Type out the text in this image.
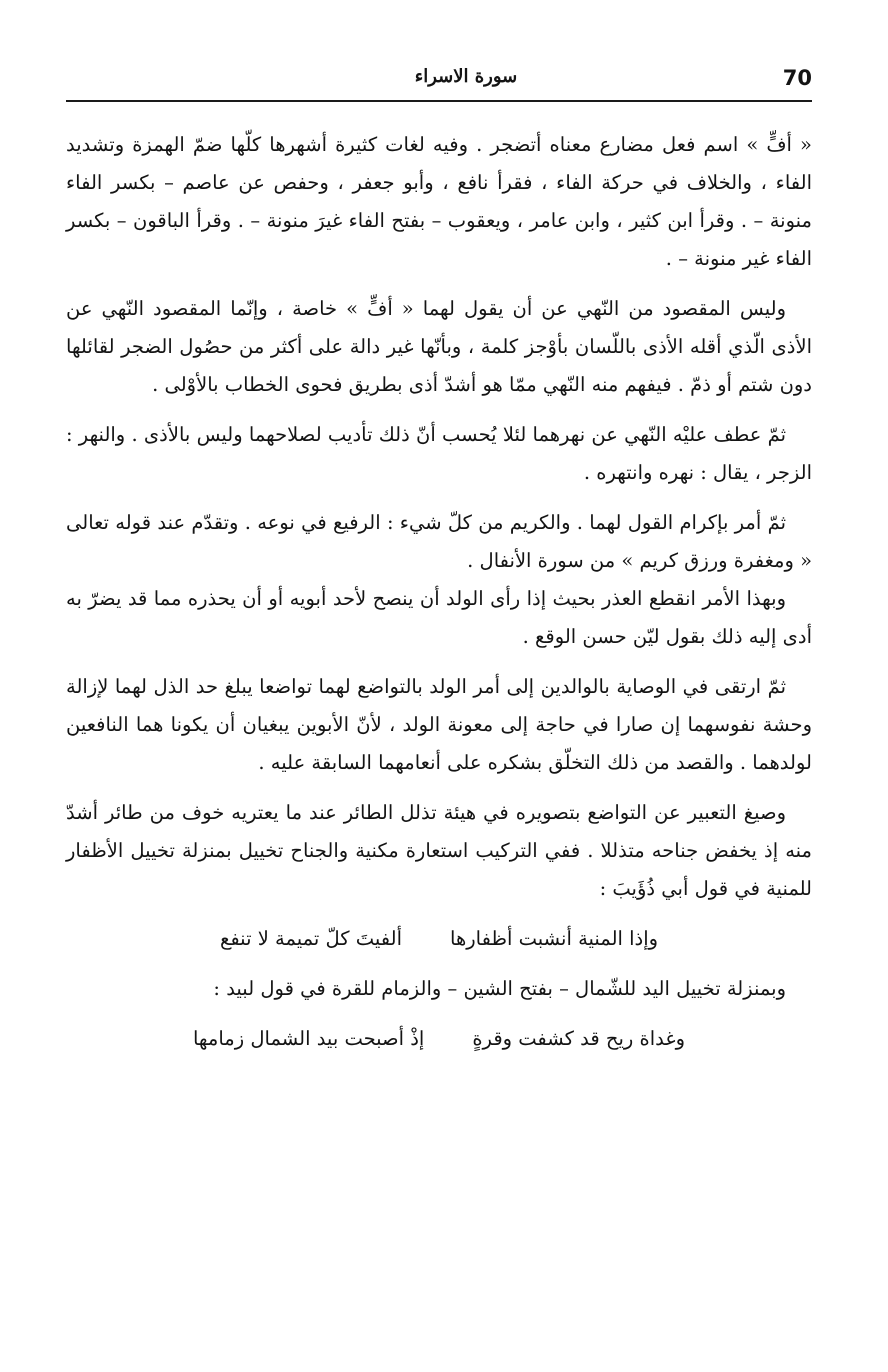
70
سورة الاسراء

« أفٍّ » اسم فعل مضارع معناه أتضجر . وفيه لغات كثيرة أشهرها كلّها ضمّ الهمزة وتشديد الفاء ، والخلاف في حركة الفاء ، فقرأ نافع ، وأبو جعفر ، وحفص عن عاصم – بكسر الفاء منونة – . وقرأ ابن كثير ، وابن عامر ، ويعقوب – بفتح الفاء غيرَ منونة – . وقرأ الباقون – بكسر الفاء غير منونة – .

وليس المقصود من النّهي عن أن يقول لهما « أفٍّ » خاصة ، وإنّما المقصود النّهي عن الأذى الّذي أقله الأذى باللّسان بأوْجز كلمة ، وبأنّها غير دالة على أكثر من حصُول الضجر لقائلها دون شتم أو ذمّ . فيفهم منه النّهي ممّا هو أشدّ أذى بطريق فحوى الخطاب بالأوْلى .

ثمّ عطف عليْه النّهي عن نهرهما لئلا يُحسب أنّ ذلك تأديب لصلاحهما وليس بالأذى . والنهر : الزجر ، يقال : نهره وانتهره .

ثمّ أمر بإكرام القول لهما . والكريم من كلّ شيء : الرفيع في نوعه . وتقدّم عند قوله تعالى « ومغفرة ورزق كريم » من سورة الأنفال .

وبهذا الأمر انقطع العذر بحيث إذا رأى الولد أن ينصح لأحد أبويه أو أن يحذره مما قد يضرّ به أدى إليه ذلك بقول ليّن حسن الوقع .

ثمّ ارتقى في الوصاية بالوالدين إلى أمر الولد بالتواضع لهما تواضعا يبلغ حد الذل لهما لإزالة وحشة نفوسهما إن صارا في حاجة إلى معونة الولد ، لأنّ الأبوين يبغيان أن يكونا هما النافعين لولدهما . والقصد من ذلك التخلّق بشكره على أنعامهما السابقة عليه .

وصيغ التعبير عن التواضع بتصويره في هيئة تذلل الطائر عند ما يعتريه خوف من طائر أشدّ منه إذ يخفض جناحه متذللا . ففي التركيب استعارة مكنية والجناح تخييل بمنزلة تخييل الأظفار للمنية في قول أبي ذُؤَيبَ :

وإذا المنية أنشبت أظفارها
ألفيتَ كلّ تميمة لا تنفع

وبمنزلة تخييل اليد للشّمال – بفتح الشين – والزمام للقرة في قول لبيد :

وغداة ريح قد كشفت وقرةٍ
إذْ أصبحت بيد الشمال زمامها
